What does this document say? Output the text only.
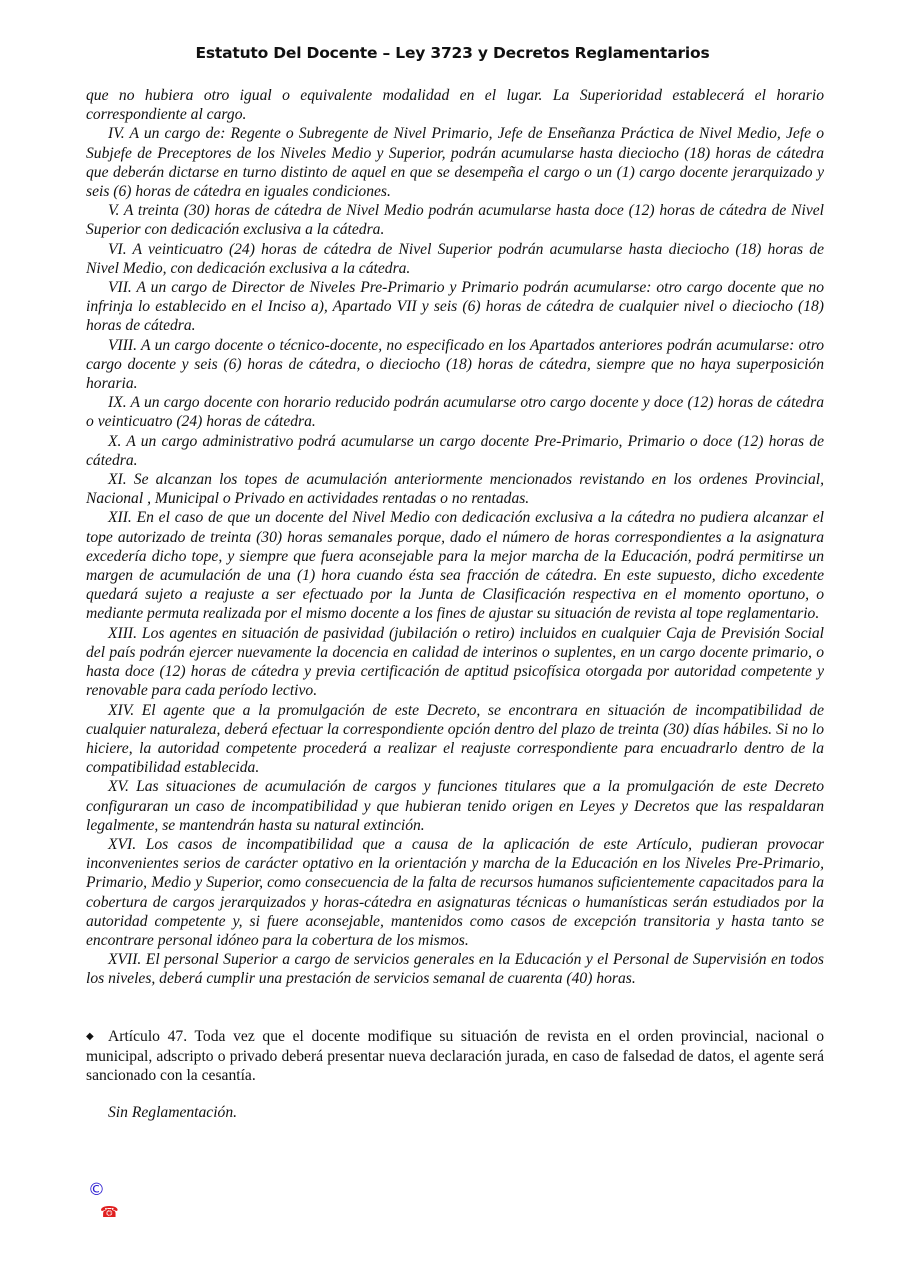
Estatuto Del Docente – Ley 3723 y Decretos Reglamentarios

que no hubiera otro igual o equivalente modalidad en el lugar. La Superioridad establecerá el horario correspondiente al cargo.

IV. A un cargo de: Regente o Subregente de Nivel Primario, Jefe de Enseñanza Práctica de Nivel Medio, Jefe o Subjefe de Preceptores de los Niveles Medio y Superior, podrán acumularse hasta dieciocho (18) horas de cátedra que deberán dictarse en turno distinto de aquel en que se desempeña el cargo o un (1) cargo docente jerarquizado y seis (6) horas de cátedra en iguales condiciones.

V. A treinta (30) horas de cátedra de Nivel Medio podrán acumularse hasta doce (12) horas de cátedra de Nivel Superior con dedicación exclusiva a la cátedra.

VI. A veinticuatro (24) horas de cátedra de Nivel Superior podrán acumularse hasta dieciocho (18) horas de Nivel Medio, con dedicación exclusiva a la cátedra.

VII. A un cargo de Director de Niveles Pre-Primario y Primario podrán acumularse: otro cargo docente que no infrinja lo establecido en el Inciso a), Apartado VII y seis (6) horas de cátedra de cualquier nivel o dieciocho (18) horas de cátedra.

VIII. A un cargo docente o técnico-docente, no especificado en los Apartados anteriores podrán acumularse: otro cargo docente y seis (6) horas de cátedra, o dieciocho (18) horas de cátedra, siempre que no haya superposición horaria.

IX. A un cargo docente con horario reducido podrán acumularse otro cargo docente y doce (12) horas de cátedra o veinticuatro (24) horas de cátedra.

X. A un cargo administrativo podrá acumularse un cargo docente Pre-Primario, Primario o doce (12) horas de cátedra.

XI. Se alcanzan los topes de acumulación anteriormente mencionados revistando en los ordenes Provincial, Nacional , Municipal o Privado en actividades rentadas o no rentadas.

XII. En el caso de que un docente del Nivel Medio con dedicación exclusiva a la cátedra no pudiera alcanzar el tope autorizado de treinta (30) horas semanales porque, dado el número de horas correspondientes a la asignatura excedería dicho tope, y siempre que fuera aconsejable para la mejor marcha de la Educación, podrá permitirse un margen de acumulación de una (1) hora cuando ésta sea fracción de cátedra. En este supuesto, dicho excedente quedará sujeto a reajuste a ser efectuado por la Junta de Clasificación respectiva en el momento oportuno, o mediante permuta realizada por el mismo docente a los fines de ajustar su situación de revista al tope reglamentario.

XIII. Los agentes en situación de pasividad (jubilación o retiro) incluidos en cualquier Caja de Previsión Social del país podrán ejercer nuevamente la docencia en calidad de interinos o suplentes, en un cargo docente primario, o hasta doce (12) horas de cátedra y previa certificación de aptitud psicofísica otorgada por autoridad competente y renovable para cada período lectivo.

XIV. El agente que a la promulgación de este Decreto, se encontrara en situación de incompatibilidad de cualquier naturaleza, deberá efectuar la correspondiente opción dentro del plazo de treinta (30) días hábiles. Si no lo hiciere, la autoridad competente procederá a realizar el reajuste correspondiente para encuadrarlo dentro de la compatibilidad establecida.

XV. Las situaciones de acumulación de cargos y funciones titulares que a la promulgación de este Decreto configuraran un caso de incompatibilidad y que hubieran tenido origen en Leyes y Decretos que las respaldaran legalmente, se mantendrán hasta su natural extinción.

XVI. Los casos de incompatibilidad que a causa de la aplicación de este Artículo, pudieran provocar inconvenientes serios de carácter optativo en la orientación y marcha de la Educación en los Niveles Pre-Primario, Primario, Medio y Superior, como consecuencia de la falta de recursos humanos suficientemente capacitados para la cobertura de cargos jerarquizados y horas-cátedra en asignaturas técnicas o humanísticas serán estudiados por la autoridad competente y, si fuere aconsejable, mantenidos como casos de excepción transitoria y hasta tanto se encontrare personal idóneo para la cobertura de los mismos.

XVII. El personal Superior a cargo de servicios generales en la Educación y el Personal de Supervisión en todos los niveles, deberá cumplir una prestación de servicios semanal de cuarenta (40) horas.

◆ Artículo 47. Toda vez que el docente modifique su situación de revista en el orden provincial, nacional o municipal, adscripto o privado deberá presentar nueva declaración jurada, en caso de falsedad de datos, el agente será sancionado con la cesantía.
Sin Reglamentación.
©
☎
